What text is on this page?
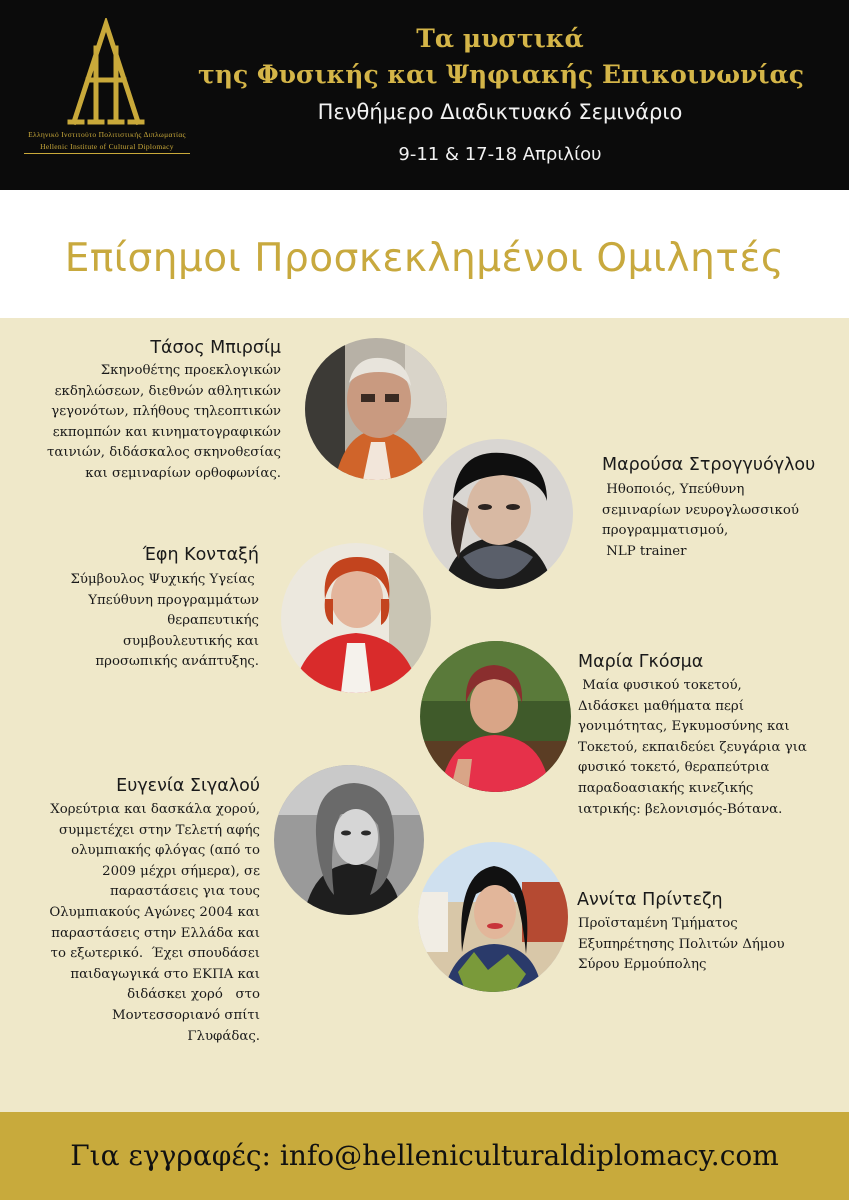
Ελληνικό Ινστιτούτο Πολιτιστικής Διπλωματίας
Hellenic Institute of Cultural Diplomacy
Τα μυστικά
της Φυσικής και Ψηφιακής Επικοινωνίας
Πενθήμερο Διαδικτυακό Σεμινάριο
9-11 & 17-18 Απριλίου
Επίσημοι Προσκεκλημένοι Ομιλητές
Τάσος Μπιρσίμ
Σκηνοθέτης προεκλογικών
εκδηλώσεων, διεθνών αθλητικών
γεγονότων, πλήθους τηλεοπτικών
εκπομπών και κινηματογραφικών
ταινιών, διδάσκαλος σκηνοθεσίας
και σεμιναρίων ορθοφωνίας.	Μαρούσα Στρογγυόγλου
Ηθοποιός, Υπεύθυνη
σεμιναρίων νευρογλωσσικού
προγραμματισμού,
NLP trainer
Έφη Κονταξή
Σύμβουλος Ψυχικής Υγείας
Υπεύθυνη προγραμμάτων
θεραπευτικής
συμβουλευτικής και
προσωπικής ανάπτυξης.	Μαρία Γκόσμα
Μαία φυσικού τοκετού,
Διδάσκει μαθήματα περί
γονιμότητας, Εγκυμοσύνης και
Τοκετού, εκπαιδεύει ζευγάρια για
φυσικό τοκετό, θεραπεύτρια
παραδοασιακής κινεζικής
ιατρικής: βελονισμός-Βότανα.
Ευγενία Σιγαλού
Χορεύτρια και δασκάλα χορού,
συμμετέχει στην Τελετή αφής
ολυμπιακής φλόγας (από το
2009 μέχρι σήμερα), σε
παραστάσεις για τους
Ολυμπιακούς Αγώνες 2004 και
παραστάσεις στην Ελλάδα και
το εξωτερικό.  Έχει σπουδάσει
παιδαγωγικά στο ΕΚΠΑ και
διδάσκει χορό   στο
Μοντεσσοριανό σπίτι
Γλυφάδας.
Αννίτα Πρίντεζη
Προϊσταμένη Τμήματος
Εξυπηρέτησης Πολιτών Δήμου
Σύρου Ερμούπολης
Για εγγραφές: info@helleniculturaldiplomacy.com
